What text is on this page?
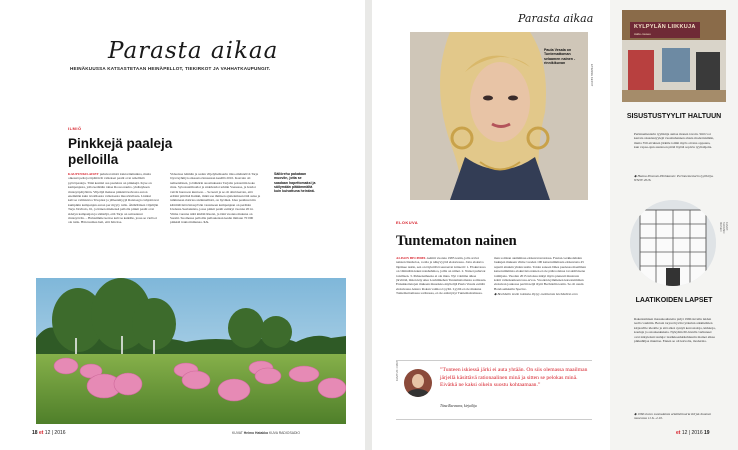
Parasta aikaa
HEINÄKUUSSA KATSASTETAAN HEINÄPELLOT, TIEKIRKOT JA VAHHATKAUPUNGIT.
ILMIÖ
Pinkkejä paaleja pelloilla

KAUPUNKILAISET puhuvat niistä traktorinmunina, mutta oikeasti peltoja täplittävät valkoiset paalit ovat rehellisiä pyöröpaaleja. Tänä kesänä osa paaleista on pinkkejä. Kyse on kampanjasta, jolla kerätään rahaa Roosa nauha -yhdistyksen rintasyöpätyöhön. Viljelijä maksaa pinkistä kalvosta euron enemmän kuin tavallisesta valkoisesta muovirullasta. Lisäksi kalvoa valmistava Trioplast ja jälleenmyyjä Raisioagro lahjoittavat kumpikin kampanjan euron per myyty rulla. Ähtäriläisen viljelijän Tarja Järvitalo, 61, ja hänen miehensä pellolla pinkit paalit ovat sidetyn kampanjan ja sääntöjä, että Tarja on sairastanut rintasyövän. – Halusimme kertoa kalvoa kaikille, jossa se vielä ei ole tuttu. Hän tuumaa heti, että hän itse.

Videoissa lehmän ja sadan viljelyhehtaarin tilaa emännöivä Tarja löysi kyhmyn oikeasta rinnastaan kesällä 2010. Kasvain oli nelisenttinen, ja lääkärin suosituksesta Tarjalta poistettiin koko rinta. Sytostaattihoidot ja sädehoidot tehtiin Vaasassa, ja hoidot veivät huonoon kuntoon. – Se kesti ja se oli siinä kerran, että eräänä päivänä Kaikki, mikä saa ihmisen ajattelemaan tätä asiaa ja tulkinnaan ristiriaa sisäinnellistä, on hyväksi. Idea paalinuoviin käärittävistä rintasyövän vastaiseen kampanjaan on peräisin Uudesta-Seelannista, jossa pinkit paalit esiintyi vuonna 2014. Viime vuonna niitä kiidäti Ruotsi, ja tänä vuonna mukana on Suomi. Suomessa pelloille pullautetaan kesän mittaan 70 000 pinkkiä traktorinmunaa. S.S.

Säilörehu pakataan muoviin, jotta se saadaan hapettomaksi ja säilymään pitäämmältä kuin kuivattuna heinänä.
18 et 12 | 2016	KUVAT Heimo Hatakka KUVA RADIOSADIO
Parasta aikaa
Paula Vesala on Tuntemattoman selaamen nainen -rinnikikuvan
ETIENNE KEYOT
ELOKUVA
Tuntematon nainen

ALISON BECHDEL kehitti vuonna 1985 testin, jolla arvioi naisten läsnäoloa, roolia ja näkyvyyttä elokuvassa. Jotta elokuva läpäisee testin, sen on täytettävä seuraavat kriteerit: 1. Elokuvassa on vähintään kaksi naishahmoa, joilla on nimet. 2. Naiset puhuvat toisilleen. 3. Puheenaiheena ei ole mies. Nyt voimme alkaa järvittää, miten käy Aku Louhimiehen Tuntemattomasta sotilaasta. Ennakkotietojen mukaan muuokko-näyttelijä Paula Vesala esittää elokuvassa Antero Rokan vaimoa Lyyliä. Lyyliä ei ole mukana Tuntemattomassa sotilaassa, ei ole esiintynyt Tuntemattomassa.

man sotilaan aiemmissa elokuvaversioissa. Fusion-verkkolehden laskujen mukaan viime vuoden 100 katsotuimmasta elokuvasta 45 reputti ainakin yhden testin. Toisin sanoen lähes puolessa maailman katsotuimmista elokuvista nainen ei ole päärooleissa tai aktiivisena toimijana. Vuoden 2015 tuloissa näkyi myös pienesti muutosta kohti valkokankaan tasa-arvoa. Vuoden kymmenen katsotuimman elokuvan joukossa peräti neljä täytti Bechdelin testin. Se oli uusin Bond-seikkailu Spectre.

◆ Bechdelin testin tuloksia löytyy osoitteesta bechdeltest.com

KUVITUS: OMAT	”Tunteen iskiessä järki ei auta yhtään. On siis olemassa maailman järjellä käsittävä rationaalinen minä ja sitten se pelokas minä. Eivätkä ne kaksi oikein suostu kohtaamaan.”
Tiina Raevaara, kirjailija
KYLPYLÄN LIIKKUJA
Aalto-museo
SISUSTUSTYYLIT HALTUUN

Perinnemestarin tyylikirja auttaa monen tavoin. Siitä voi kerrata sisustustyylejä vuosituhannen alusta modernismiin, mutta 350-sivuinen järkäle toimii myös oivana oppaana, kun vapaa-ajan asuntoon pitää löytää sopivia tyyliohjeita.

◆ Hanna Pesonen-Herkkanen: Perinnemestarin tyylikirja. WSOY 2016.
KUVAT: SUOMEN MUSEO
LAATIKOIDEN LAPSET

Rakentamisen massakoulutetta pidyi 1960-luvulla tuiden teolla vauhtiin. Betoni tarjosi hyvän työkalun arkkitehtien kirjaaville ideoille ja sitä alkoi syntyä kerrostaloja, kirkkoja, kouluja ja ostoskeskuksia. Nykyään 60-luvulla varhuneet ovat näkyteissä tauluja: laatikkoarkkitehtuurin mainet alkaa pikkuhiljaa muuttaa. Ennen se oli kaivolta, modernia.

◆ 1960-luvun suomalaista arkkitehtuuria Kirjat-Suomen museossa 11.6.–2.10.
et 12 | 2016 19
